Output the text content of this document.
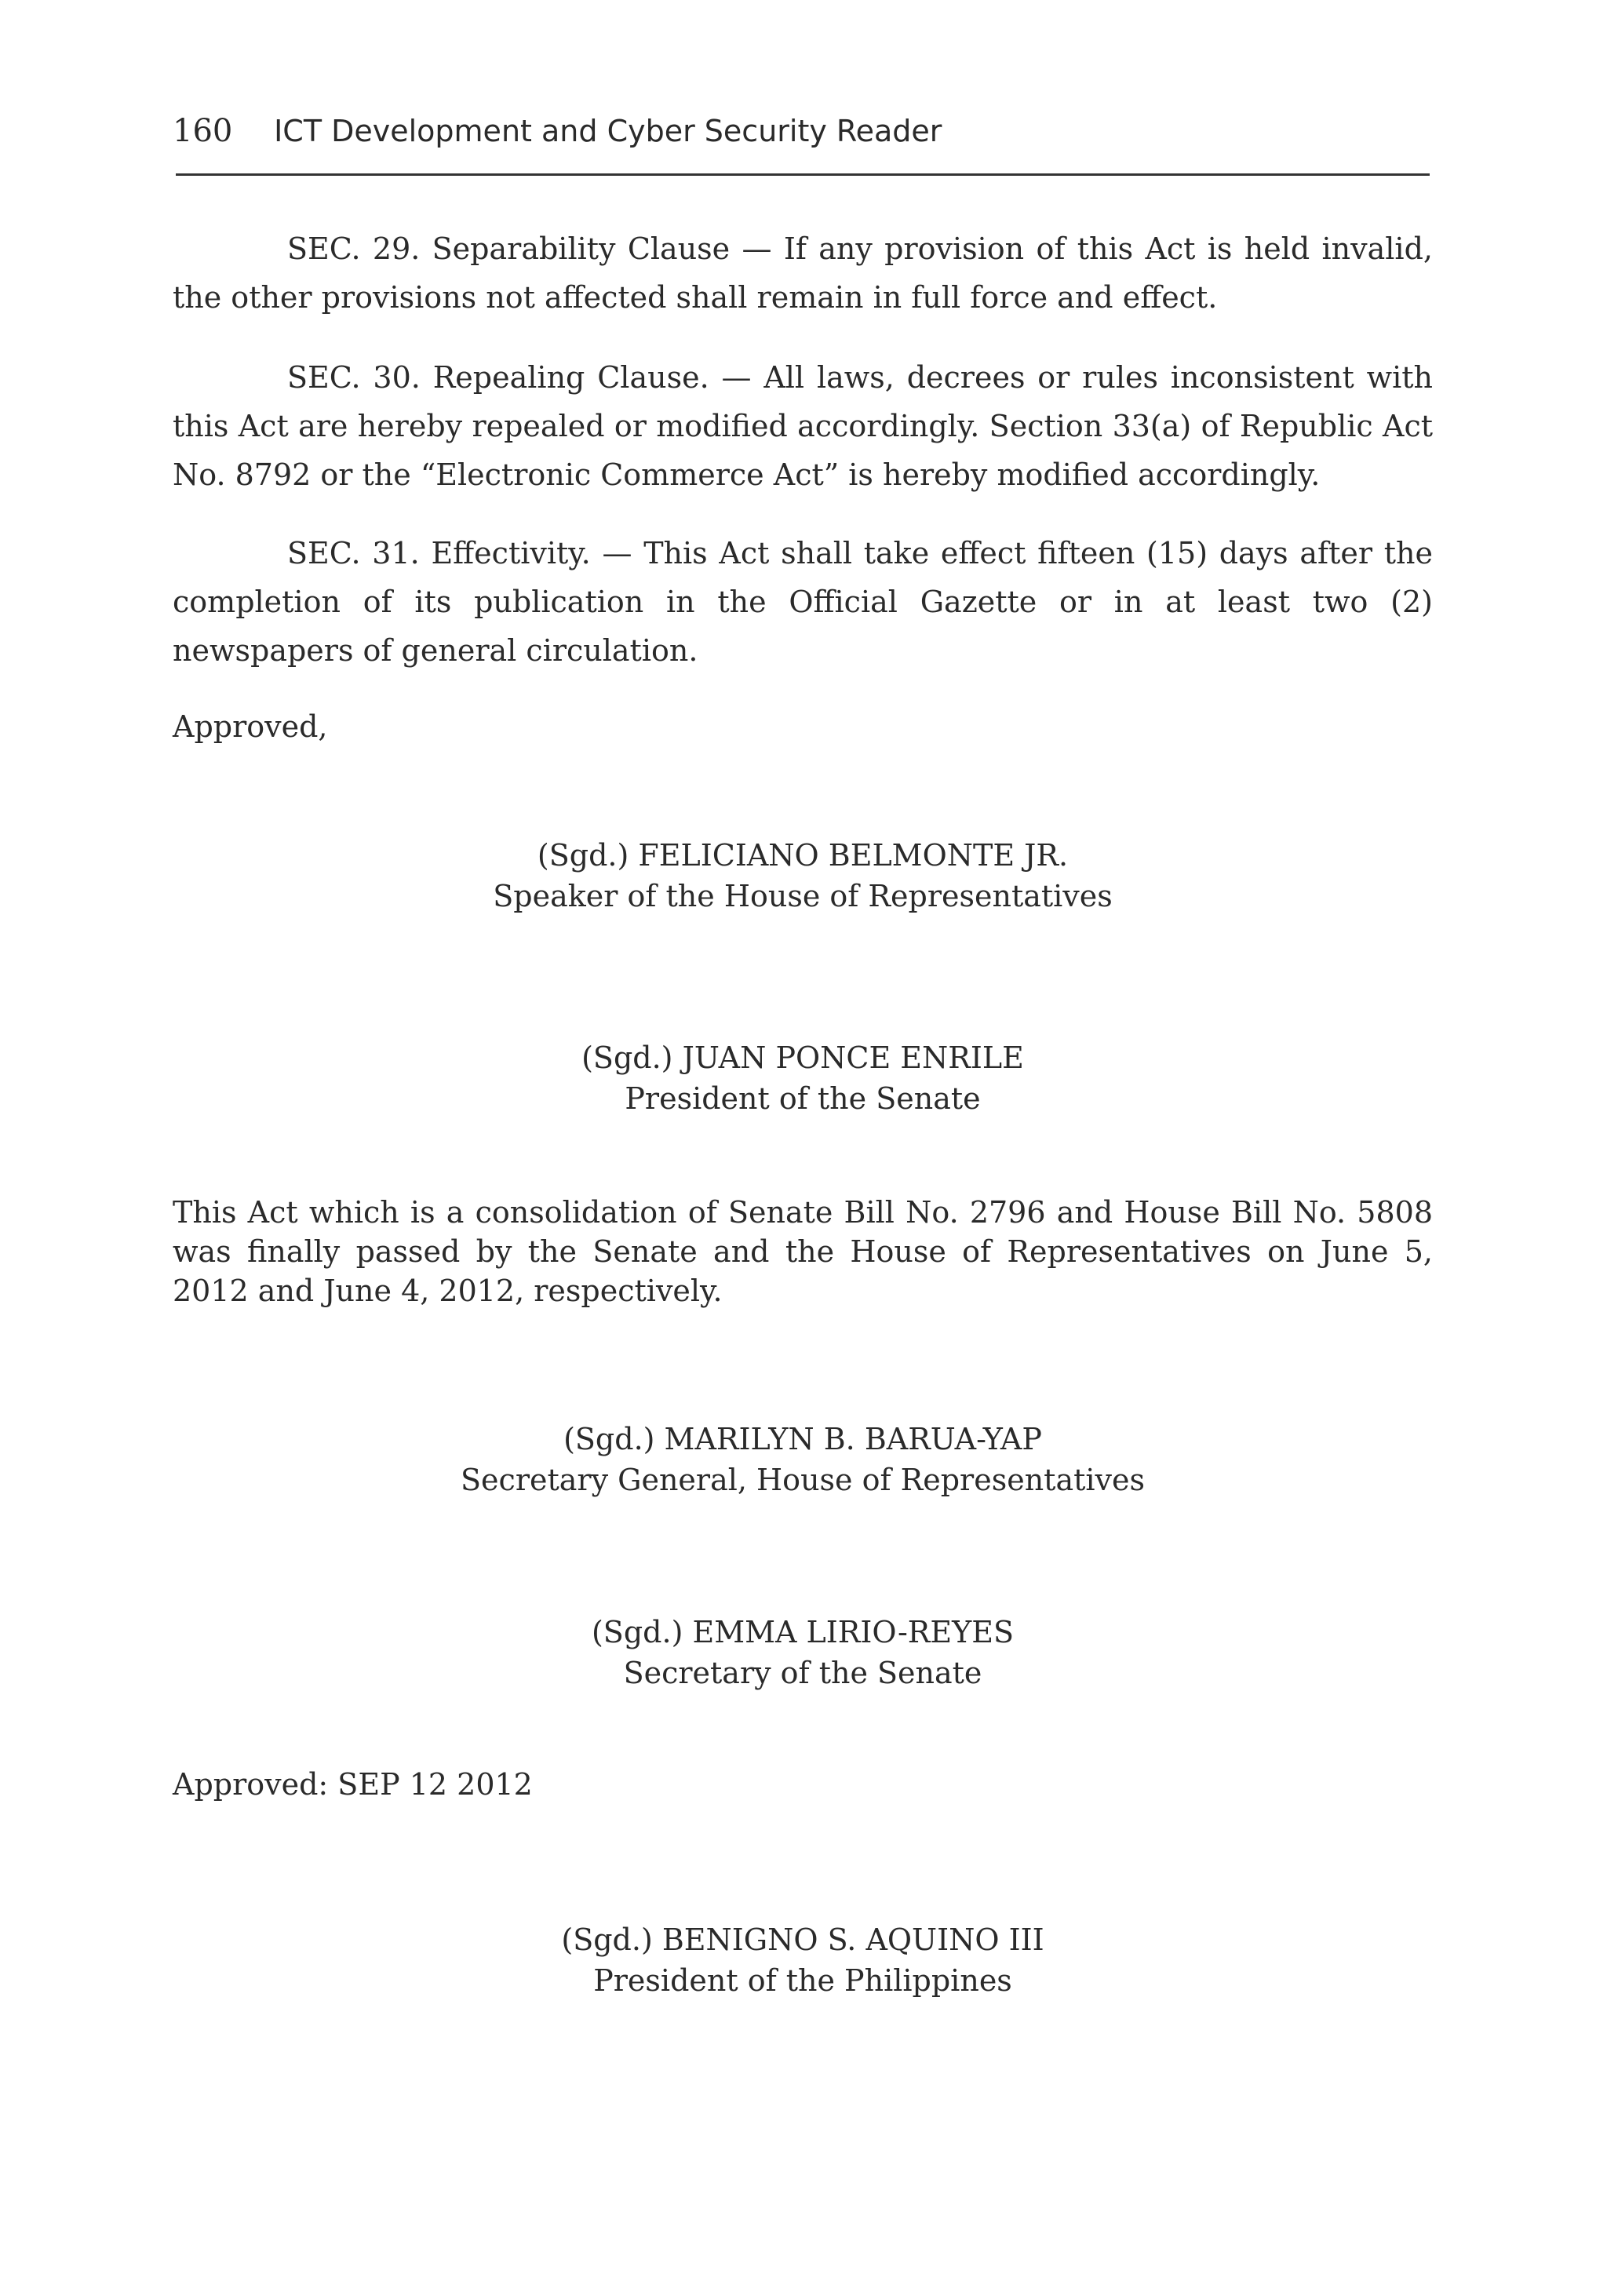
160 ICT Development and Cyber Security Reader

SEC. 29. Separability Clause — If any provision of this Act is held invalid, the other provisions not affected shall remain in full force and effect.

SEC. 30. Repealing Clause. — All laws, decrees or rules inconsistent with this Act are hereby repealed or modified accordingly. Section 33(a) of Republic Act No. 8792 or the “Electronic Commerce Act” is hereby modified accordingly.

SEC. 31. Effectivity. — This Act shall take effect fifteen (15) days after the completion of its publication in the Official Gazette or in at least two (2) newspapers of general circulation.

Approved,

(Sgd.) FELICIANO BELMONTE JR.
Speaker of the House of Representatives
(Sgd.) JUAN PONCE ENRILE
President of the Senate

This Act which is a consolidation of Senate Bill No. 2796 and House Bill No. 5808 was finally passed by the Senate and the House of Representatives on June 5, 2012 and June 4, 2012, respectively.

(Sgd.) MARILYN B. BARUA-YAP
Secretary General, House of Representatives
(Sgd.) EMMA LIRIO-REYES
Secretary of the Senate

Approved: SEP 12 2012

(Sgd.) BENIGNO S. AQUINO III
President of the Philippines
